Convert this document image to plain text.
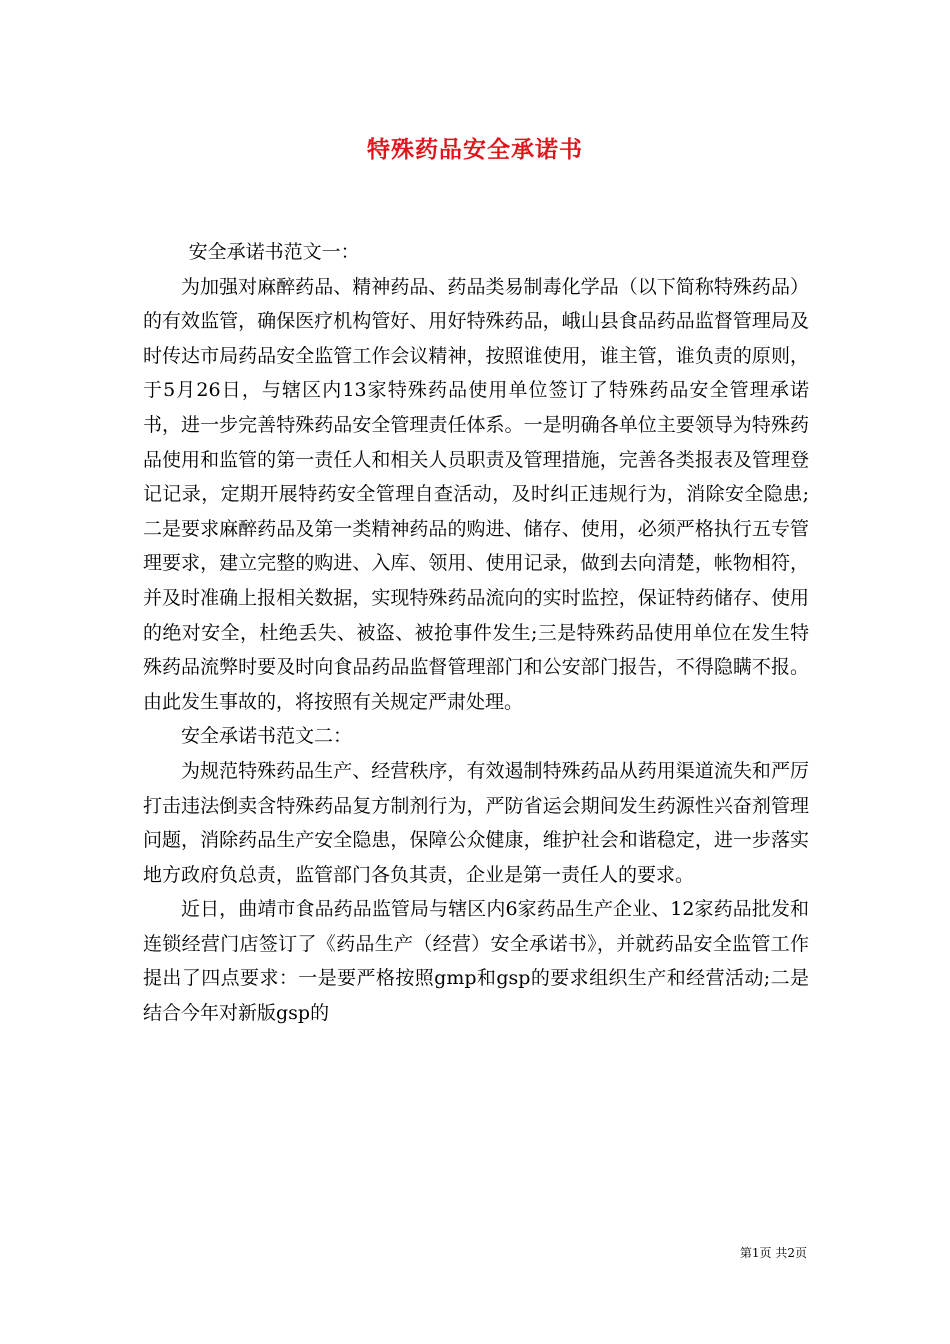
特殊药品安全承诺书

安全承诺书范文一：

为加强对麻醉药品、精神药品、药品类易制毒化学品（以下简称特殊药品）的有效监管，确保医疗机构管好、用好特殊药品，峨山县食品药品监督管理局及时传达市局药品安全监管工作会议精神，按照谁使用，谁主管，谁负责的原则，于5月26日，与辖区内13家特殊药品使用单位签订了特殊药品安全管理承诺书，进一步完善特殊药品安全管理责任体系。一是明确各单位主要领导为特殊药品使用和监管的第一责任人和相关人员职责及管理措施，完善各类报表及管理登记记录，定期开展特药安全管理自查活动，及时纠正违规行为，消除安全隐患;二是要求麻醉药品及第一类精神药品的购进、储存、使用，必须严格执行五专管理要求，建立完整的购进、入库、领用、使用记录，做到去向清楚，帐物相符，并及时准确上报相关数据，实现特殊药品流向的实时监控，保证特药储存、使用的绝对安全，杜绝丢失、被盗、被抢事件发生;三是特殊药品使用单位在发生特殊药品流弊时要及时向食品药品监督管理部门和公安部门报告，不得隐瞒不报。由此发生事故的，将按照有关规定严肃处理。

安全承诺书范文二：

为规范特殊药品生产、经营秩序，有效遏制特殊药品从药用渠道流失和严厉打击违法倒卖含特殊药品复方制剂行为，严防省运会期间发生药源性兴奋剂管理问题，消除药品生产安全隐患，保障公众健康，维护社会和谐稳定，进一步落实地方政府负总责，监管部门各负其责，企业是第一责任人的要求。

近日，曲靖市食品药品监管局与辖区内6家药品生产企业、12家药品批发和连锁经营门店签订了《药品生产（经营）安全承诺书》，并就药品安全监管工作提出了四点要求：一是要严格按照gmp和gsp的要求组织生产和经营活动;二是结合今年对新版gsp的

第1页 共2页
